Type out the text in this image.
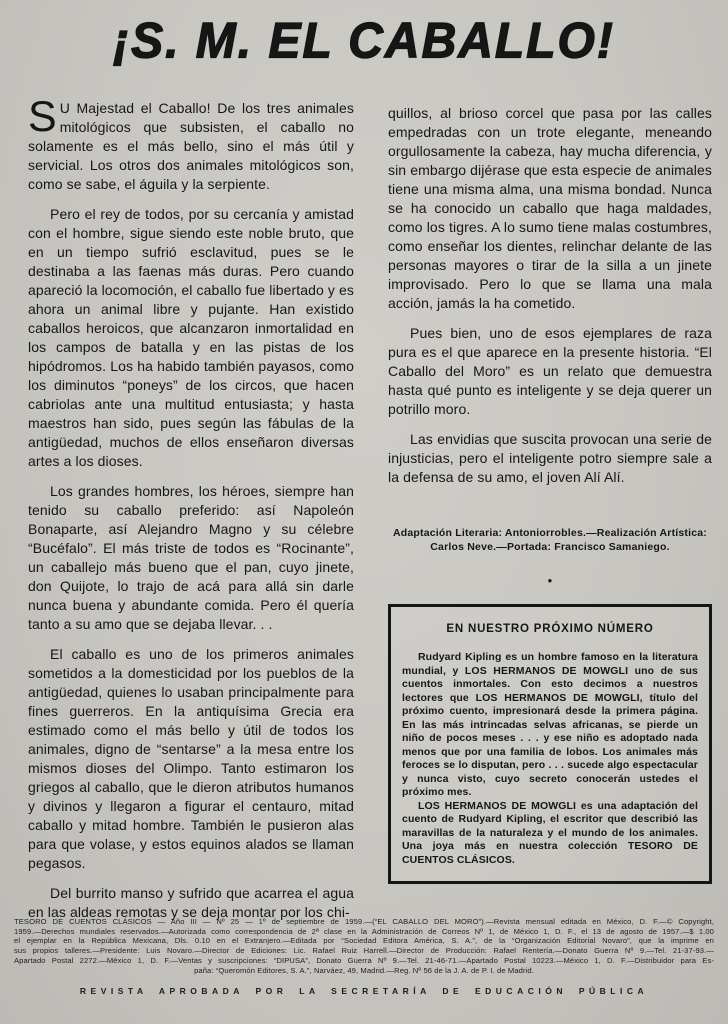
¡S. M. EL CABALLO!

S U Majestad el Caballo! De los tres animales mitológicos que subsisten, el caballo no solamente es el más bello, sino el más útil y servicial. Los otros dos animales mitológicos son, como se sabe, el águila y la serpiente.

Pero el rey de todos, por su cercanía y amistad con el hombre, sigue siendo este noble bruto, que en un tiempo sufrió esclavitud, pues se le destinaba a las faenas más duras. Pero cuando apareció la locomoción, el caballo fue libertado y es ahora un animal libre y pujante. Han existido caballos heroicos, que alcanzaron inmortalidad en los campos de batalla y en las pistas de los hipódromos. Los ha habido también payasos, como los diminutos “poneys” de los circos, que hacen cabriolas ante una multitud entusiasta; y hasta maestros han sido, pues según las fábulas de la antigüedad, muchos de ellos enseñaron diversas artes a los dioses.

Los grandes hombres, los héroes, siempre han tenido su caballo preferido: así Napoleón Bonaparte, así Alejandro Magno y su célebre “Bucéfalo”. El más triste de todos es “Rocinante”, un caballejo más bueno que el pan, cuyo jinete, don Quijote, lo trajo de acá para allá sin darle nunca buena y abundante comida. Pero él quería tanto a su amo que se dejaba llevar. . .

El caballo es uno de los primeros animales sometidos a la domesticidad por los pueblos de la antigüedad, quienes lo usaban principalmente para fines guerreros. En la antiquísima Grecia era estimado como el más bello y útil de todos los animales, digno de “sentarse” a la mesa entre los mismos dioses del Olimpo. Tanto estimaron los griegos al caballo, que le dieron atributos humanos y divinos y llegaron a figurar el centauro, mitad caballo y mitad hombre. También le pusieron alas para que volase, y estos equinos alados se llaman pegasos.

Del burrito manso y sufrido que acarrea el agua en las aldeas remotas y se deja montar por los chi-

quillos, al brioso corcel que pasa por las calles empedradas con un trote elegante, meneando orgullosamente la cabeza, hay mucha diferencia, y sin embargo dijérase que esta especie de animales tiene una misma alma, una misma bondad. Nunca se ha conocido un caballo que haga maldades, como los tigres. A lo sumo tiene malas costumbres, como enseñar los dientes, relinchar delante de las personas mayores o tirar de la silla a un jinete improvisado. Pero lo que se llama una mala acción, jamás la ha cometido.

Pues bien, uno de esos ejemplares de raza pura es el que aparece en la presente historia. “El Caballo del Moro” es un relato que demuestra hasta qué punto es inteligente y se deja querer un potrillo moro.

Las envidias que suscita provocan una serie de injusticias, pero el inteligente potro siempre sale a la defensa de su amo, el joven Alí Alí.

Adaptación Literaria: Antoniorrobles.—Realización Artística:
Carlos Neve.—Portada: Francisco Samaniego.
•
EN NUESTRO PRÓXIMO NÚMERO

Rudyard Kipling es un hombre famoso en la literatura mundial, y LOS HERMANOS DE MOWGLI uno de sus cuentos inmortales. Con esto decimos a nuestros lectores que LOS HERMANOS DE MOWGLI, título del próximo cuento, impresionará desde la primera página. En las más intrincadas selvas africanas, se pierde un niño de pocos meses . . . y ese niño es adoptado nada menos que por una familia de lobos. Los animales más feroces se lo disputan, pero . . . sucede algo espectacular y nunca visto, cuyo secreto conocerán ustedes el próximo mes.

LOS HERMANOS DE MOWGLI es una adaptación del cuento de Rudyard Kipling, el escritor que describió las maravillas de la naturaleza y el mundo de los animales. Una joya más en nuestra colección TESORO DE CUENTOS CLÁSICOS.

TESORO DE CUENTOS CLÁSICOS — Año III — Nº 25 — 1º de septiembre de 1959.—(“EL CABALLO DEL MORO”).—Revista mensual editada en México, D. F.—© Copyright,
1959.—Derechos mundiales reservados.—Autorizada como correspondencia de 2ª clase en la Administración de Correos Nº 1, de México 1, D. F., el 13 de agosto de 1957.—$ 1.00
el ejemplar en la República Mexicana, Dls. 0.10 en el Extranjero.—Editada por “Sociedad Editora América, S. A.”, de la “Organización Editorial Novaro”, que la imprime en
sus propios talleres.—Presidente: Luis Novaro.—Director de Ediciones: Lic. Rafael Ruiz Harrell.—Director de Producción: Rafael Rentería.—Donato Guerra Nº 9.—Tel. 21-37-93.—
Apartado Postal 2272.—México 1, D. F.—Ventas y suscripciones: “DIPUSA”, Donato Guerra Nº 9.—Tel. 21-46-71.—Apartado Postal 10223.—México 1, D. F.—Distribuidor para Es-
paña: “Queromón Editores, S. A.”, Narváez, 49, Madrid.—Reg. Nº 56 de la J. A. de P. I. de Madrid.
REVISTA APROBADA POR LA SECRETARÍA DE EDUCACIÓN PÚBLICA
